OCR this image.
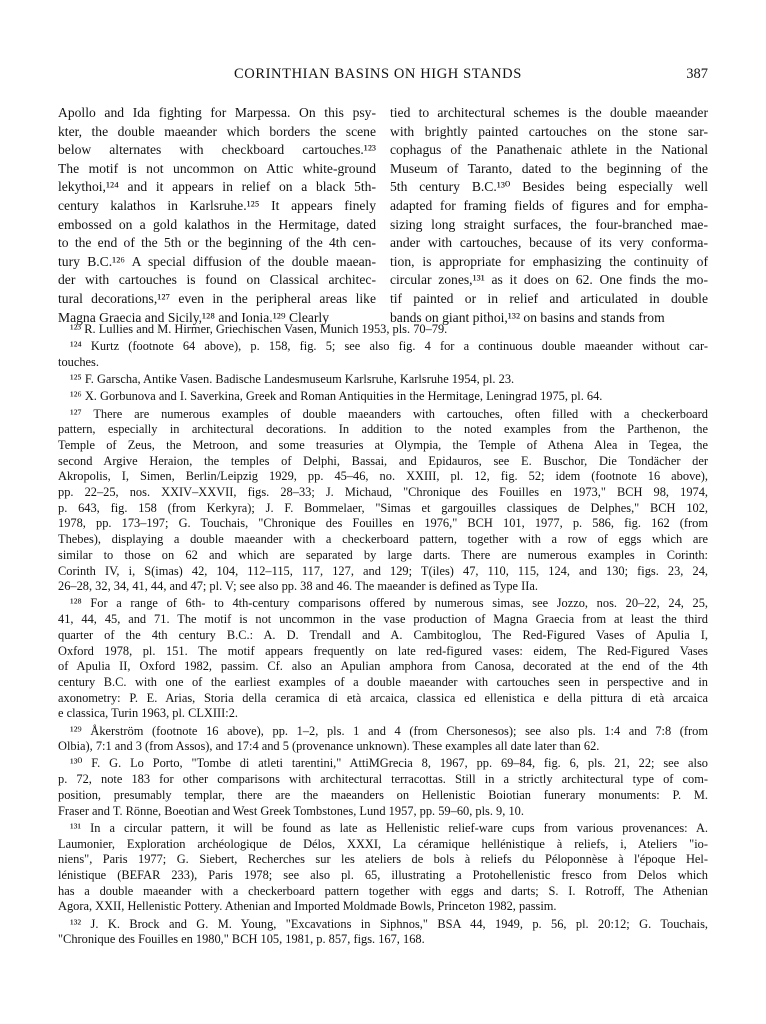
CORINTHIAN BASINS ON HIGH STANDS	387
Apollo and Ida fighting for Marpessa. On this psy-
kter, the double maeander which borders the scene
below alternates with checkboard cartouches.¹²³
The motif is not uncommon on Attic white-ground
lekythoi,¹²⁴ and it appears in relief on a black 5th-
century kalathos in Karlsruhe.¹²⁵ It appears finely
embossed on a gold kalathos in the Hermitage, dated
to the end of the 5th or the beginning of the 4th cen-
tury B.C.¹²⁶ A special diffusion of the double maean-
der with cartouches is found on Classical architec-
tural decorations,¹²⁷ even in the peripheral areas like
Magna Graecia and Sicily,¹²⁸ and Ionia.¹²⁹ Clearly
tied to architectural schemes is the double maeander
with brightly painted cartouches on the stone sar-
cophagus of the Panathenaic athlete in the National
Museum of Taranto, dated to the beginning of the
5th century B.C.¹³⁰ Besides being especially well
adapted for framing fields of figures and for empha-
sizing long straight surfaces, the four-branched mae-
ander with cartouches, because of its very conforma-
tion, is appropriate for emphasizing the continuity of
circular zones,¹³¹ as it does on 62. One finds the mo-
tif painted or in relief and articulated in double
bands on giant pithoi,¹³² on basins and stands from
¹²³ R. Lullies and M. Hirmer, Griechischen Vasen, Munich 1953, pls. 70–79.
¹²⁴ Kurtz (footnote 64 above), p. 158, fig. 5; see also fig. 4 for a continuous double maeander without car-
touches.
¹²⁵ F. Garscha, Antike Vasen. Badische Landesmuseum Karlsruhe, Karlsruhe 1954, pl. 23.
¹²⁶ X. Gorbunova and I. Saverkina, Greek and Roman Antiquities in the Hermitage, Leningrad 1975, pl. 64.
¹²⁷ There are numerous examples of double maeanders with cartouches, often filled with a checkerboard
pattern, especially in architectural decorations. In addition to the noted examples from the Parthenon, the
Temple of Zeus, the Metroon, and some treasuries at Olympia, the Temple of Athena Alea in Tegea, the
second Argive Heraion, the temples of Delphi, Bassai, and Epidauros, see E. Buschor, Die Tondächer der
Akropolis, I, Simen, Berlin/Leipzig 1929, pp. 45–46, no. XXIII, pl. 12, fig. 52; idem (footnote 16 above),
pp. 22–25, nos. XXIV–XXVII, figs. 28–33; J. Michaud, "Chronique des Fouilles en 1973," BCH 98, 1974,
p. 643, fig. 158 (from Kerkyra); J. F. Bommelaer, "Simas et gargouilles classiques de Delphes," BCH 102,
1978, pp. 173–197; G. Touchais, "Chronique des Fouilles en 1976," BCH 101, 1977, p. 586, fig. 162 (from
Thebes), displaying a double maeander with a checkerboard pattern, together with a row of eggs which are
similar to those on 62 and which are separated by large darts. There are numerous examples in Corinth:
Corinth IV, i, S(imas) 42, 104, 112–115, 117, 127, and 129; T(iles) 47, 110, 115, 124, and 130; figs. 23, 24,
26–28, 32, 34, 41, 44, and 47; pl. V; see also pp. 38 and 46. The maeander is defined as Type IIa.
¹²⁸ For a range of 6th- to 4th-century comparisons offered by numerous simas, see Jozzo, nos. 20–22, 24, 25,
41, 44, 45, and 71. The motif is not uncommon in the vase production of Magna Graecia from at least the third
quarter of the 4th century B.C.: A. D. Trendall and A. Cambitoglou, The Red-Figured Vases of Apulia I,
Oxford 1978, pl. 151. The motif appears frequently on late red-figured vases: eidem, The Red-Figured Vases
of Apulia II, Oxford 1982, passim. Cf. also an Apulian amphora from Canosa, decorated at the end of the 4th
century B.C. with one of the earliest examples of a double maeander with cartouches seen in perspective and in
axonometry: P. E. Arias, Storia della ceramica di età arcaica, classica ed ellenistica e della pittura di età arcaica
e classica, Turin 1963, pl. CLXIII:2.
¹²⁹ Åkerström (footnote 16 above), pp. 1–2, pls. 1 and 4 (from Chersonesos); see also pls. 1:4 and 7:8 (from
Olbia), 7:1 and 3 (from Assos), and 17:4 and 5 (provenance unknown). These examples all date later than 62.
¹³⁰ F. G. Lo Porto, "Tombe di atleti tarentini," AttiMGrecia 8, 1967, pp. 69–84, fig. 6, pls. 21, 22; see also
p. 72, note 183 for other comparisons with architectural terracottas. Still in a strictly architectural type of com-
position, presumably templar, there are the maeanders on Hellenistic Boiotian funerary monuments: P. M.
Fraser and T. Rönne, Boeotian and West Greek Tombstones, Lund 1957, pp. 59–60, pls. 9, 10.
¹³¹ In a circular pattern, it will be found as late as Hellenistic relief-ware cups from various provenances: A.
Laumonier, Exploration archéologique de Délos, XXXI, La céramique hellénistique à reliefs, i, Ateliers "io-
niens", Paris 1977; G. Siebert, Recherches sur les ateliers de bols à reliefs du Péloponnèse à l'époque Hel-
lénistique (BEFAR 233), Paris 1978; see also pl. 65, illustrating a Protohellenistic fresco from Delos which
has a double maeander with a checkerboard pattern together with eggs and darts; S. I. Rotroff, The Athenian
Agora, XXII, Hellenistic Pottery. Athenian and Imported Moldmade Bowls, Princeton 1982, passim.
¹³² J. K. Brock and G. M. Young, "Excavations in Siphnos," BSA 44, 1949, p. 56, pl. 20:12; G. Touchais,
"Chronique des Fouilles en 1980," BCH 105, 1981, p. 857, figs. 167, 168.
